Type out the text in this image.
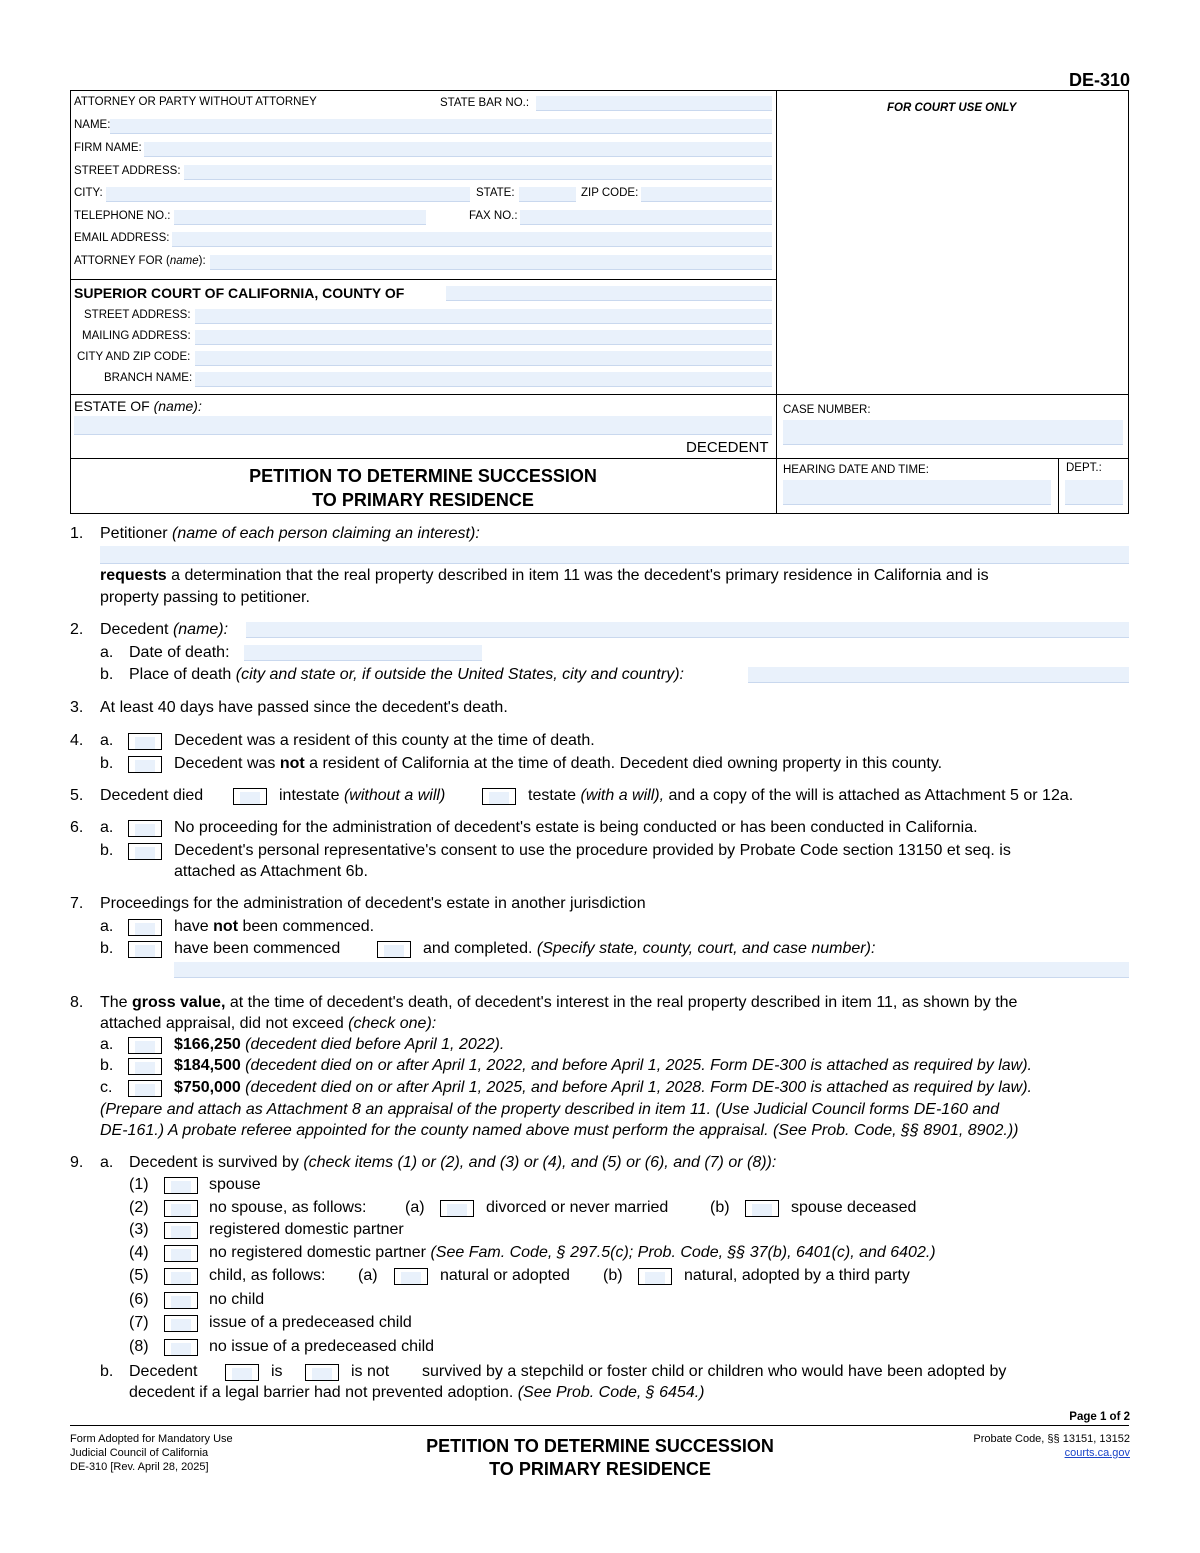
DE-310
ATTORNEY OR PARTY WITHOUT ATTORNEY	STATE BAR NO.:
NAME:
FIRM NAME:
STREET ADDRESS:
CITY:	STATE:	ZIP CODE:
TELEPHONE NO.:	FAX NO.:
EMAIL ADDRESS:
ATTORNEY FOR (name):
SUPERIOR COURT OF CALIFORNIA, COUNTY OF
STREET ADDRESS:
MAILING ADDRESS:
CITY AND ZIP CODE:
BRANCH NAME:
FOR COURT USE ONLY
ESTATE OF (name):
DECEDENT
CASE NUMBER:
PETITION TO DETERMINE SUCCESSION
TO PRIMARY RESIDENCE
HEARING DATE AND TIME:	DEPT.:
1. Petitioner (name of each person claiming an interest):
requests a determination that the real property described in item 11 was the decedent's primary residence in California and is
property passing to petitioner.
2. Decedent (name):
a. Date of death:
b. Place of death (city and state or, if outside the United States, city and country):
3. At least 40 days have passed since the decedent's death.
4. a.	Decedent was a resident of this county at the time of death.
b.	Decedent was not a resident of California at the time of death. Decedent died owning property in this county.
5. Decedent died	intestate (without a will)	testate (with a will), and a copy of the will is attached as Attachment 5 or 12a.
6. a.	No proceeding for the administration of decedent's estate is being conducted or has been conducted in California.
b.	Decedent's personal representative's consent to use the procedure provided by Probate Code section 13150 et seq. is
attached as Attachment 6b.
7. Proceedings for the administration of decedent's estate in another jurisdiction
a.	have not been commenced.
b.	have been commenced	and completed. (Specify state, county, court, and case number):
8. The gross value, at the time of decedent's death, of decedent's interest in the real property described in item 11, as shown by the
attached appraisal, did not exceed (check one):
a.	$166,250 (decedent died before April 1, 2022).
b.	$184,500 (decedent died on or after April 1, 2022, and before April 1, 2025. Form DE-300 is attached as required by law).
c.	$750,000 (decedent died on or after April 1, 2025, and before April 1, 2028. Form DE-300 is attached as required by law).
(Prepare and attach as Attachment 8 an appraisal of the property described in item 11. (Use Judicial Council forms DE-160 and
DE-161.) A probate referee appointed for the county named above must perform the appraisal. (See Prob. Code, §§ 8901, 8902.))
9. a. Decedent is survived by (check items (1) or (2), and (3) or (4), and (5) or (6), and (7) or (8)):
(1)	spouse
(2)	no spouse, as follows: (a)	divorced or never married	(b)	spouse deceased
(3)	registered domestic partner
(4)	no registered domestic partner (See Fam. Code, § 297.5(c); Prob. Code, §§ 37(b), 6401(c), and 6402.)
(5)	child, as follows: (a)	natural or adopted (b)	natural, adopted by a third party
(6)	no child
(7)	issue of a predeceased child
(8)	no issue of a predeceased child
b. Decedent	is	is not survived by a stepchild or foster child or children who would have been adopted by
decedent if a legal barrier had not prevented adoption. (See Prob. Code, § 6454.)
Page 1 of 2
Form Adopted for Mandatory Use
Judicial Council of California
DE-310 [Rev. April 28, 2025]
PETITION TO DETERMINE SUCCESSION
TO PRIMARY RESIDENCE
Probate Code, §§ 13151, 13152
courts.ca.gov
